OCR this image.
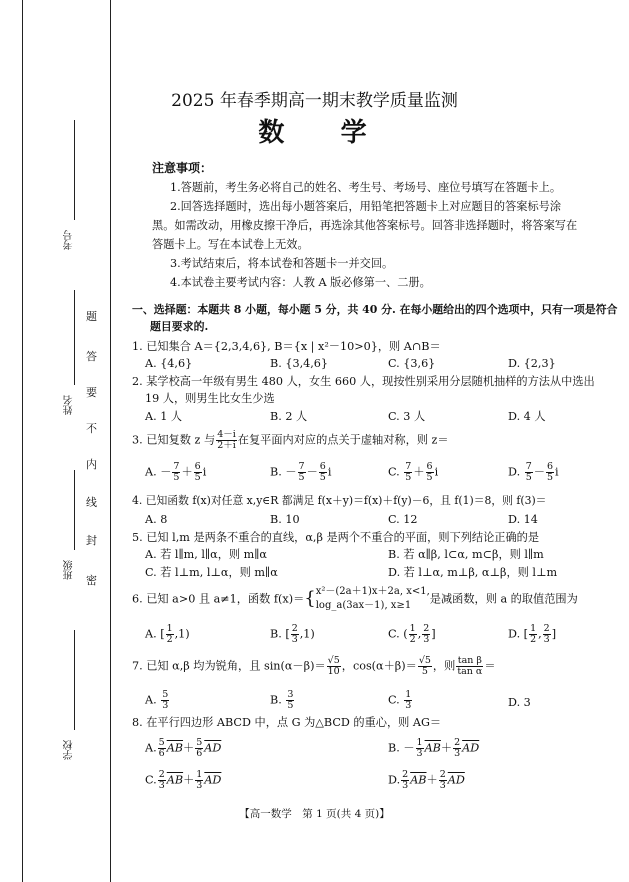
考号
姓名
班级
学校
题
答
要
不
内
线
封
密
2025 年春季期高一期末教学质量监测
数    学
注意事项：
1.答题前，考生务必将自己的姓名、考生号、考场号、座位号填写在答题卡上。
2.回答选择题时，选出每小题答案后，用铅笔把答题卡上对应题目的答案标号涂
黑。如需改动，用橡皮擦干净后，再选涂其他答案标号。回答非选择题时，将答案写在
答题卡上。写在本试卷上无效。
3.考试结束后，将本试卷和答题卡一并交回。
4.本试卷主要考试内容：人教 A 版必修第一、二册。
一、选择题：本题共 8 小题，每小题 5 分，共 40 分. 在每小题给出的四个选项中，只有一项是符合
题目要求的.
1. 已知集合 A＝{2,3,4,6}, B＝{x | x²－10>0}，则 A∩B＝
A. {4,6}	B. {3,4,6}	C. {3,6}	D. {2,3}
2. 某学校高一年级有男生 480 人，女生 660 人，现按性别采用分层随机抽样的方法从中选出
19 人，则男生比女生少选
A. 1 人	B. 2 人	C. 3 人	D. 4 人
3. 已知复数 z 与 $\frac{4-i}{2+i}$ 在复平面内对应的点关于虚轴对称，则 z＝
A. － $\frac{7}{5} + \frac{6}{5}$ i	B. － $\frac{7}{5} - \frac{6}{5}$ i	C. $\frac{7}{5} + \frac{6}{5}$ i	D. $\frac{7}{5} - \frac{6}{5}$ i
4. 已知函数 f(x)对任意 x,y∈R 都满足 f(x＋y)＝f(x)＋f(y)－6，且 f(1)＝8，则 f(3)＝
A. 8	B. 10	C. 12	D. 14
5. 已知 l,m 是两条不重合的直线，α,β 是两个不重合的平面，则下列结论正确的是
A. 若 l∥m, l∥α，则 m∥α	B. 若 α∥β, l⊂α, m⊂β，则 l∥m
C. 若 l⊥m, l⊥α，则 m∥α	D. 若 l⊥α, m⊥β, α⊥β，则 l⊥m
6. 已知 a>0 且 a≠1，函数 f(x)＝{ x²－(2a＋1)x＋2a, x<1,
log_a(3ax－1), x≥1
是减函数，则 a 的取值范围为
A. [ $\frac{1}{2} ,1$)	B. [ $\frac{2}{3} ,1$)	C. ( $\frac{1}{2}$ , $\frac{2}{3}$ ]	D. [ $\frac{1}{2}$ , $\frac{2}{3}$ ]
7. 已知 α,β 均为锐角，且 $\sin(\alpha-\beta)= \frac{√5}{10}$ ，$\cos(\alpha+\beta)= \frac{√5}{5}$ ，则 $\frac{\text{tan β}}{\text{tan α}}$ ＝
A. $\frac{5}{3}$	B. $\frac{3}{5}$	C. $\frac{1}{3}$	D. 3
8. 在平行四边形 ABCD 中，点 G 为△BCD 的重心，则 AG＝
A. $\frac{5}{6} \overline{AB}+ \frac{5}{6} \overline{AD}$	B. － $\frac{1}{3} \overline{AB}+ \frac{2}{3} \overline{AD}$
C. $\frac{2}{3} \overline{AB}+ \frac{1}{3} \overline{AD}$	D. $\frac{2}{3} \overline{AB}+ \frac{2}{3} \overline{AD}$
【高一数学　第 1 页(共 4 页)】
